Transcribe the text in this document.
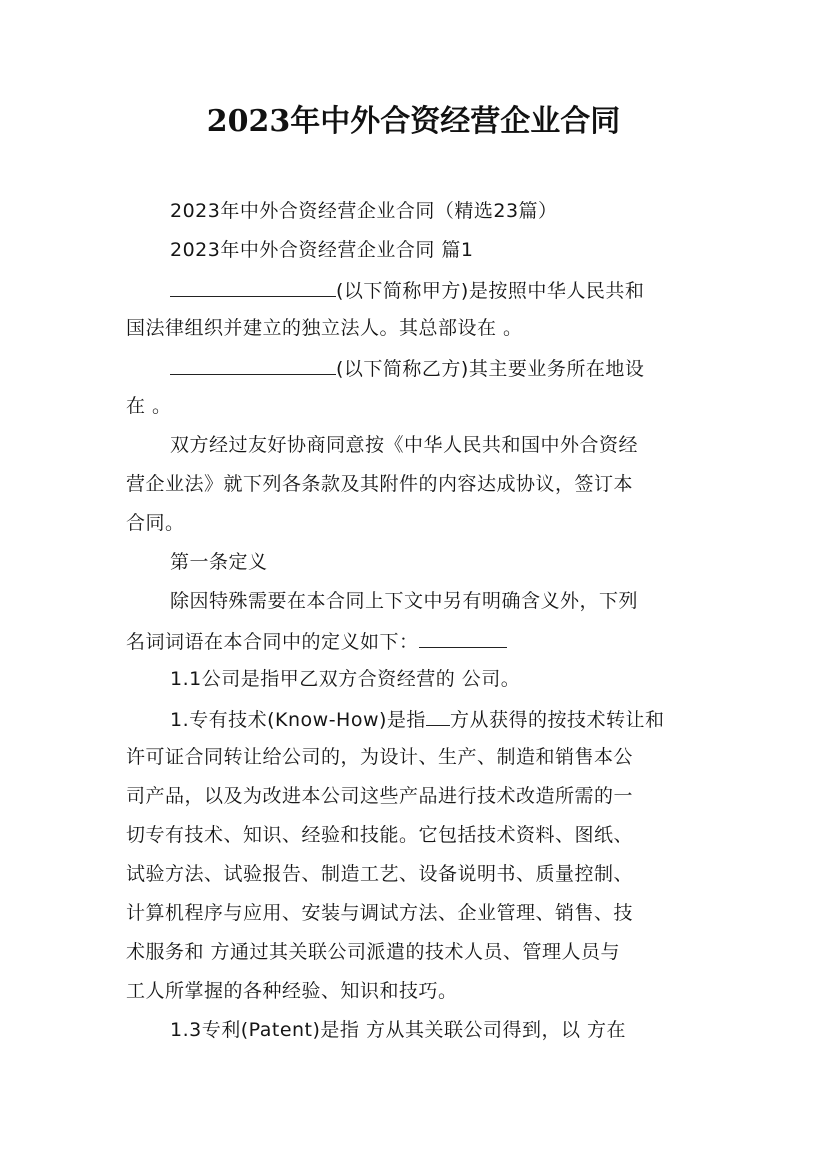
2023年中外合资经营企业合同
2023年中外合资经营企业合同（精选23篇）
2023年中外合资经营企业合同 篇1
(以下简称甲方)是按照中华人民共和
国法律组织并建立的独立法人。其总部设在 。
(以下简称乙方)其主要业务所在地设
在 。
双方经过友好协商同意按《中华人民共和国中外合资经
营企业法》就下列各条款及其附件的内容达成协议，签订本
合同。
第一条定义
除因特殊需要在本合同上下文中另有明确含义外，下列
名词词语在本合同中的定义如下：
1.1公司是指甲乙双方合资经营的 公司。
1.专有技术(Know-How)是指 方从获得的按技术转让和
许可证合同转让给公司的，为设计、生产、制造和销售本公
司产品，以及为改进本公司这些产品进行技术改造所需的一
切专有技术、知识、经验和技能。它包括技术资料、图纸、
试验方法、试验报告、制造工艺、设备说明书、质量控制、
计算机程序与应用、安装与调试方法、企业管理、销售、技
术服务和 方通过其关联公司派遣的技术人员、管理人员与
工人所掌握的各种经验、知识和技巧。
1.3专利(Patent)是指 方从其关联公司得到，以 方在
